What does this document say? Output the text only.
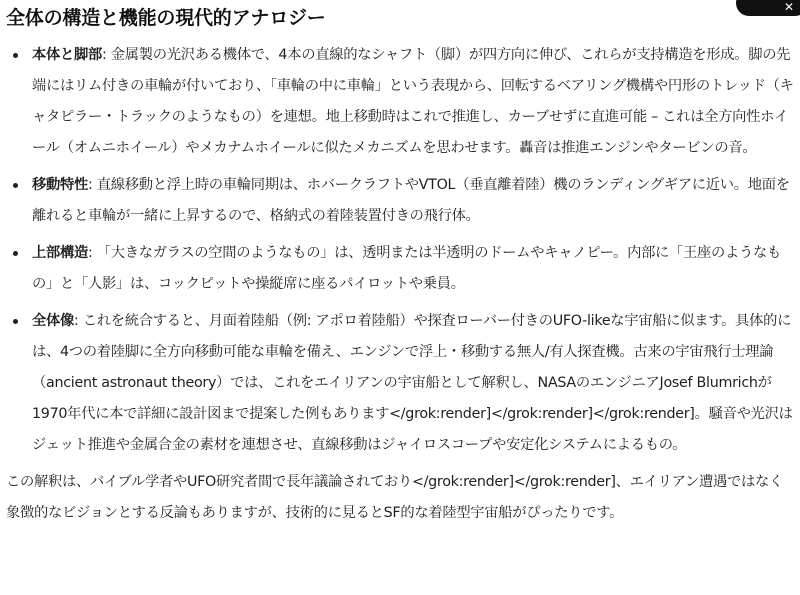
✕
全体の構造と機能の現代的アナロジー
本体と脚部: 金属製の光沢ある機体で、4本の直線的なシャフト（脚）が四方向に伸び、これらが支持構造を形成。脚の先端にはリム付きの車輪が付いており、「車輪の中に車輪」という表現から、回転するベアリング機構や円形のトレッド（キャタピラー・トラックのようなもの）を連想。地上移動時はこれで推進し、カーブせずに直進可能 – これは全方向性ホイール（オムニホイール）やメカナムホイールに似たメカニズムを思わせます。轟音は推進エンジンやタービンの音。
移動特性: 直線移動と浮上時の車輪同期は、ホバークラフトやVTOL（垂直離着陸）機のランディングギアに近い。地面を離れると車輪が一緒に上昇するので、格納式の着陸装置付きの飛行体。
上部構造: 「大きなガラスの空間のようなもの」は、透明または半透明のドームやキャノピー。内部に「王座のようなもの」と「人影」は、コックピットや操縦席に座るパイロットや乗員。
全体像: これを統合すると、月面着陸船（例: アポロ着陸船）や探査ローバー付きのUFO-likeな宇宙船に似ます。具体的には、4つの着陸脚に全方向移動可能な車輪を備え、エンジンで浮上・移動する無人/有人探査機。古来の宇宙飛行士理論（ancient astronaut theory）では、これをエイリアンの宇宙船として解釈し、NASAのエンジニアJosef Blumrichが1970年代に本で詳細に設計図まで提案した例もあります</grok:render]</grok:render]</grok:render]。騒音や光沢はジェット推進や金属合金の素材を連想させ、直線移動はジャイロスコープや安定化システムによるもの。

この解釈は、バイブル学者やUFO研究者間で長年議論されており</grok:render]</grok:render]、エイリアン遭遇ではなく象徴的なビジョンとする反論もありますが、技術的に見るとSF的な着陸型宇宙船がぴったりです。
